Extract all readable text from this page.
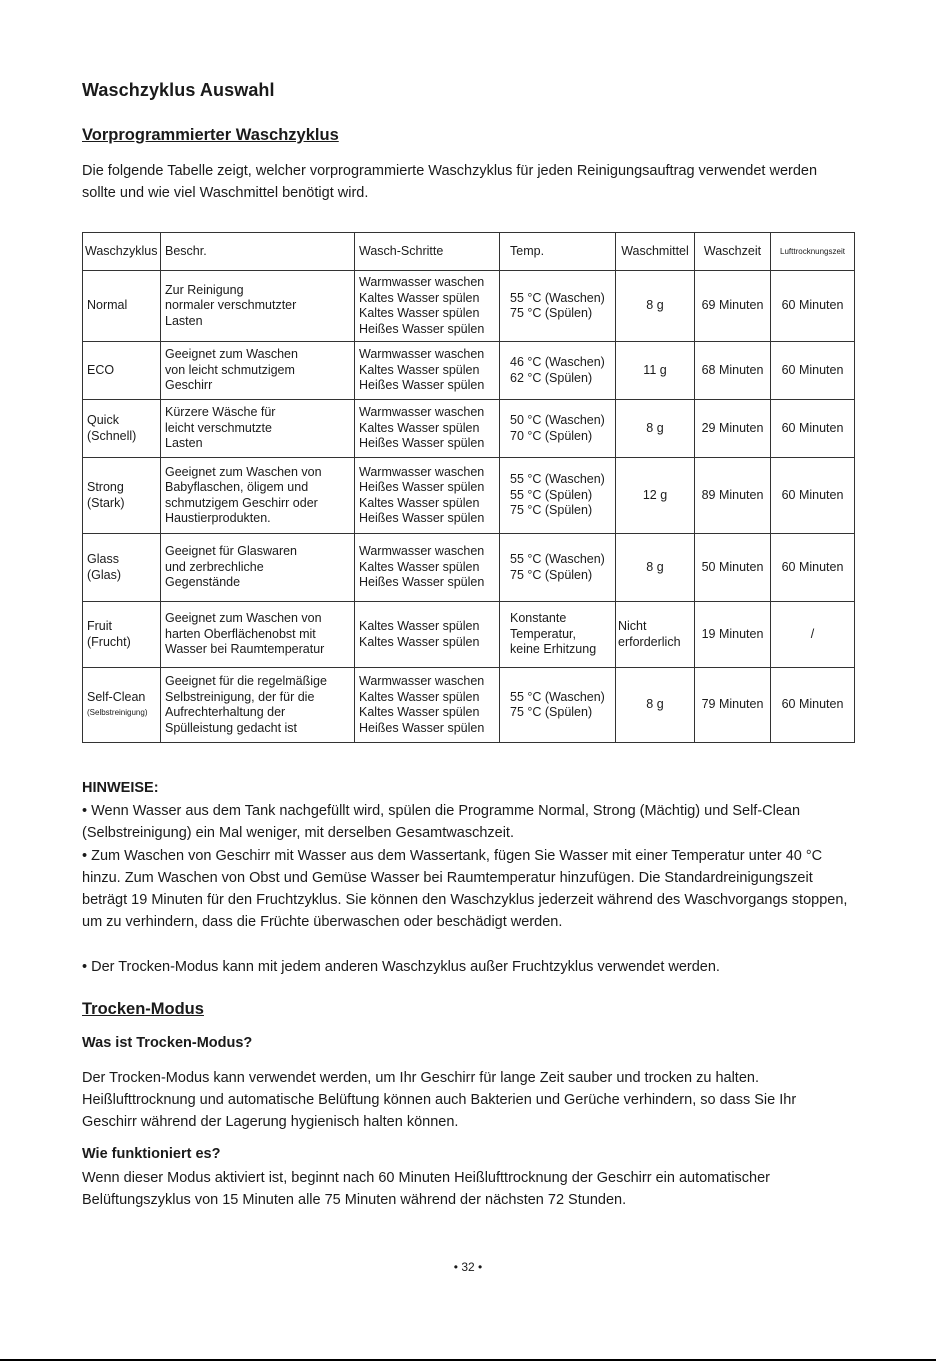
Waschzyklus Auswahl
Vorprogrammierter Waschzyklus

Die folgende Tabelle zeigt, welcher vorprogrammierte Waschzyklus für jeden Reinigungsauftrag verwendet werden sollte und wie viel Waschmittel benötigt wird.

Waschzyklus	Beschr.	Wasch-Schritte	Temp.	Waschmittel	Waschzeit	Lufttrocknungszeit

Normal	Zur Reinigung
normaler verschmutzter
Lasten	Warmwasser waschen
Kaltes Wasser spülen
Kaltes Wasser spülen
Heißes Wasser spülen	55 °C (Waschen)
75 °C (Spülen)	8 g	69 Minuten	60 Minuten

ECO	Geeignet zum Waschen
von leicht schmutzigem
Geschirr	Warmwasser waschen
Kaltes Wasser spülen
Heißes Wasser spülen	46 °C (Waschen)
62 °C (Spülen)	11 g	68 Minuten	60 Minuten

Quick
(Schnell)	Kürzere Wäsche für
leicht verschmutzte
Lasten	Warmwasser waschen
Kaltes Wasser spülen
Heißes Wasser spülen	50 °C (Waschen)
70 °C (Spülen)	8 g	29 Minuten	60 Minuten

Strong
(Stark)	Geeignet zum Waschen von
Babyflaschen, öligem und
schmutzigem Geschirr oder
Haustierprodukten.	Warmwasser waschen
Heißes Wasser spülen
Kaltes Wasser spülen
Heißes Wasser spülen	55 °C (Waschen)
55 °C (Spülen)
75 °C (Spülen)	12 g	89 Minuten	60 Minuten

Glass
(Glas)	Geeignet für Glaswaren
und zerbrechliche
Gegenstände	Warmwasser waschen
Kaltes Wasser spülen
Heißes Wasser spülen	55 °C (Waschen)
75 °C (Spülen)	8 g	50 Minuten	60 Minuten

Fruit
(Frucht)	Geeignet zum Waschen von
harten Oberflächenobst mit
Wasser bei Raumtemperatur	Kaltes Wasser spülen
Kaltes Wasser spülen	Konstante
Temperatur,
keine Erhitzung	Nicht
erforderlich	19 Minuten	/

Self-Clean
(Selbstreinigung)	Geeignet für die regelmäßige
Selbstreinigung, der für die
Aufrechterhaltung der
Spülleistung gedacht ist	Warmwasser waschen
Kaltes Wasser spülen
Kaltes Wasser spülen
Heißes Wasser spülen	55 °C (Waschen)
75 °C (Spülen)	8 g	79 Minuten	60 Minuten

HINWEISE:

• Wenn Wasser aus dem Tank nachgefüllt wird, spülen die Programme Normal, Strong (Mächtig) und Self-Clean (Selbstreinigung) ein Mal weniger, mit derselben Gesamtwaschzeit.

• Zum Waschen von Geschirr mit Wasser aus dem Wassertank, fügen Sie Wasser mit einer Temperatur unter 40 °C hinzu. Zum Waschen von Obst und Gemüse Wasser bei Raumtemperatur hinzufügen. Die Standardreinigungszeit beträgt 19 Minuten für den Fruchtzyklus. Sie können den Waschzyklus jederzeit während des Waschvorgangs stoppen, um zu verhindern, dass die Früchte überwaschen oder beschädigt werden.

• Der Trocken-Modus kann mit jedem anderen Waschzyklus außer Fruchtzyklus verwendet werden.

Trocken-Modus
Was ist Trocken-Modus?

Der Trocken-Modus kann verwendet werden, um Ihr Geschirr für lange Zeit sauber und trocken zu halten. Heißlufttrocknung und automatische Belüftung können auch Bakterien und Gerüche verhindern, so dass Sie Ihr Geschirr während der Lagerung hygienisch halten können.

Wie funktioniert es?

Wenn dieser Modus aktiviert ist, beginnt nach 60 Minuten Heißlufttrocknung der Geschirr ein automatischer Belüftungszyklus von 15 Minuten alle 75 Minuten während der nächsten 72 Stunden.

• 32 •
